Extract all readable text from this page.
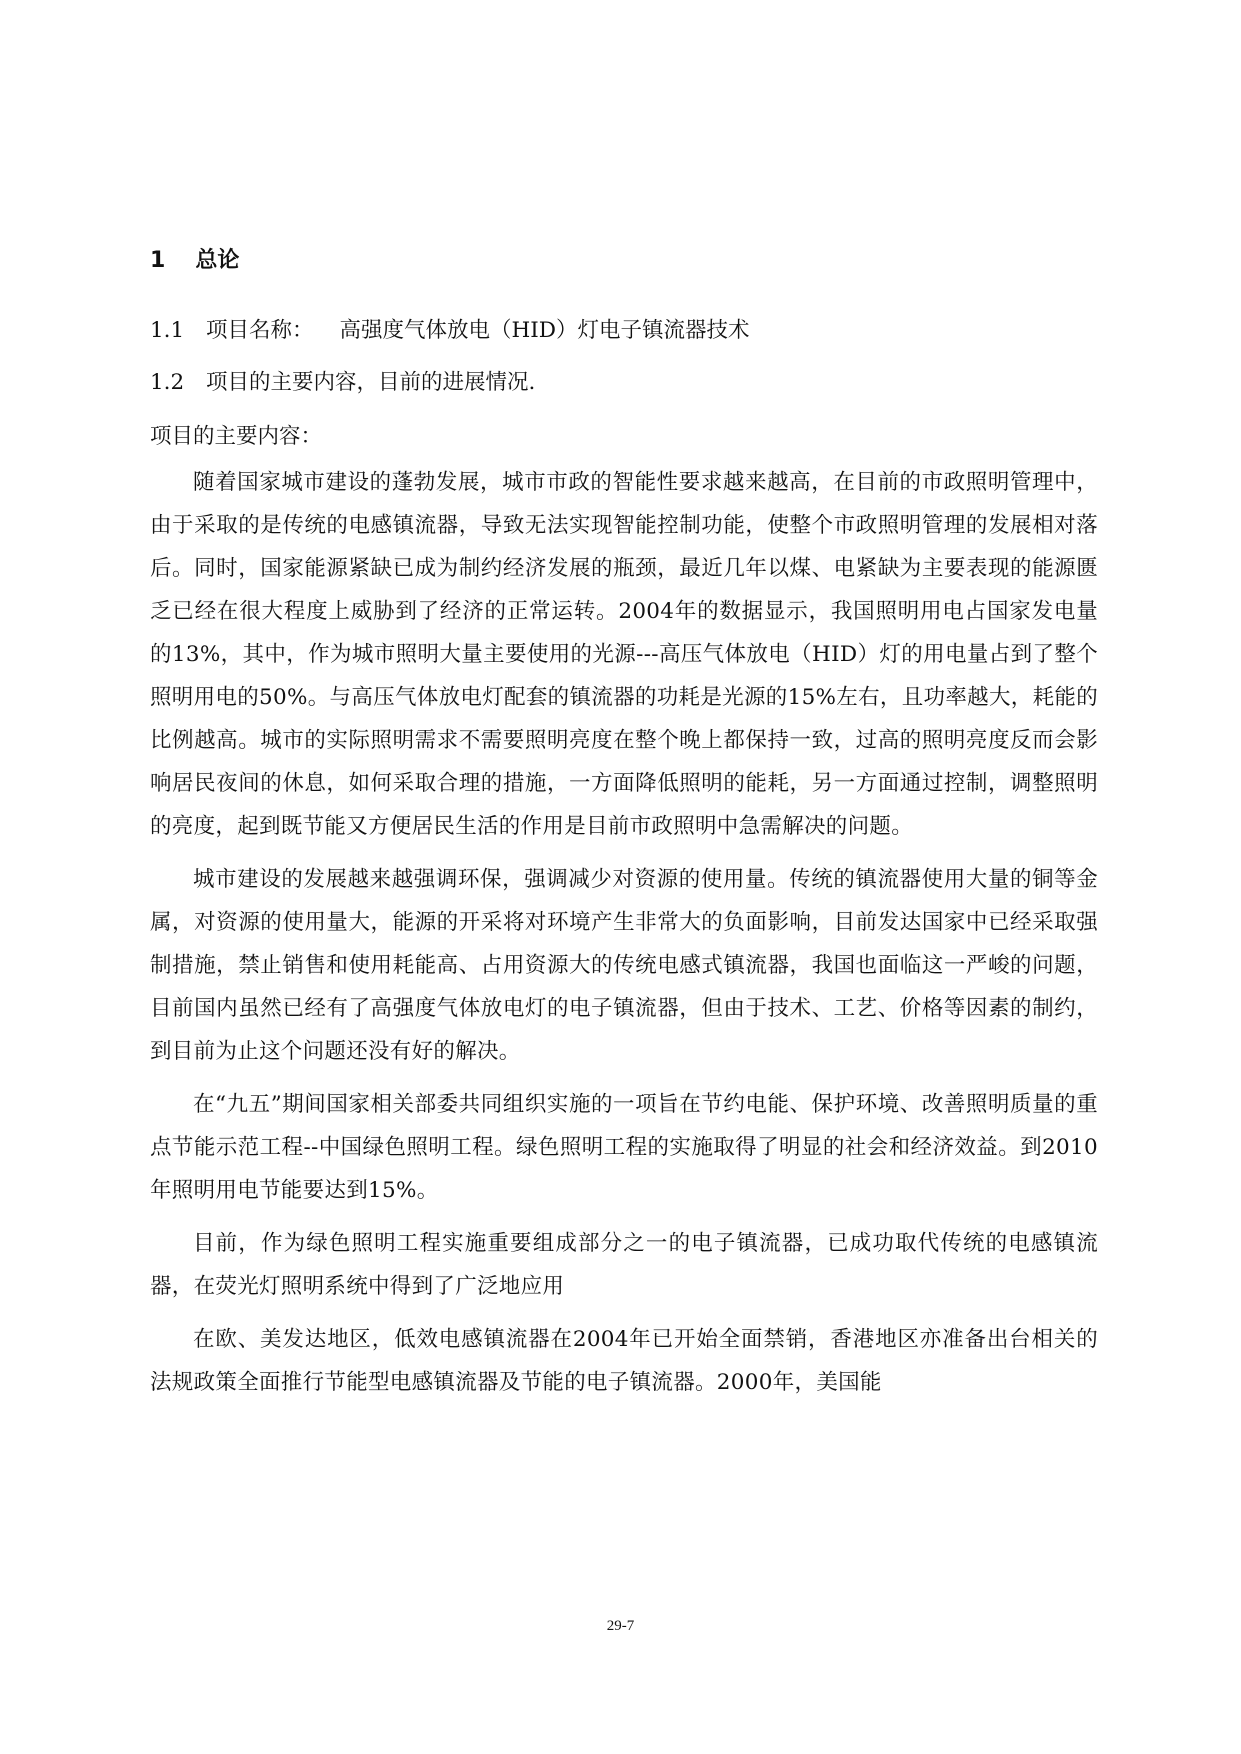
1 总论
1.1	项目名称： 高强度气体放电（HID）灯电子镇流器技术
1.2	项目的主要内容，目前的进展情况.
项目的主要内容：

随着国家城市建设的蓬勃发展，城市市政的智能性要求越来越高，在目前的市政照明管理中，由于采取的是传统的电感镇流器，导致无法实现智能控制功能，使整个市政照明管理的发展相对落后。同时，国家能源紧缺已成为制约经济发展的瓶颈，最近几年以煤、电紧缺为主要表现的能源匮乏已经在很大程度上威胁到了经济的正常运转。2004年的数据显示，我国照明用电占国家发电量的13%，其中，作为城市照明大量主要使用的光源---高压气体放电（HID）灯的用电量占到了整个照明用电的50%。与高压气体放电灯配套的镇流器的功耗是光源的15%左右，且功率越大，耗能的比例越高。城市的实际照明需求不需要照明亮度在整个晚上都保持一致，过高的照明亮度反而会影响居民夜间的休息，如何采取合理的措施，一方面降低照明的能耗，另一方面通过控制，调整照明的亮度，起到既节能又方便居民生活的作用是目前市政照明中急需解决的问题。

城市建设的发展越来越强调环保，强调减少对资源的使用量。传统的镇流器使用大量的铜等金属，对资源的使用量大，能源的开采将对环境产生非常大的负面影响，目前发达国家中已经采取强制措施，禁止销售和使用耗能高、占用资源大的传统电感式镇流器，我国也面临这一严峻的问题，目前国内虽然已经有了高强度气体放电灯的电子镇流器，但由于技术、工艺、价格等因素的制约，到目前为止这个问题还没有好的解决。

在“九五”期间国家相关部委共同组织实施的一项旨在节约电能、保护环境、改善照明质量的重点节能示范工程--中国绿色照明工程。绿色照明工程的实施取得了明显的社会和经济效益。到2010年照明用电节能要达到15%。

目前，作为绿色照明工程实施重要组成部分之一的电子镇流器，已成功取代传统的电感镇流器，在荧光灯照明系统中得到了广泛地应用

在欧、美发达地区，低效电感镇流器在2004年已开始全面禁销，香港地区亦准备出台相关的法规政策全面推行节能型电感镇流器及节能的电子镇流器。2000年，美国能

29-7
